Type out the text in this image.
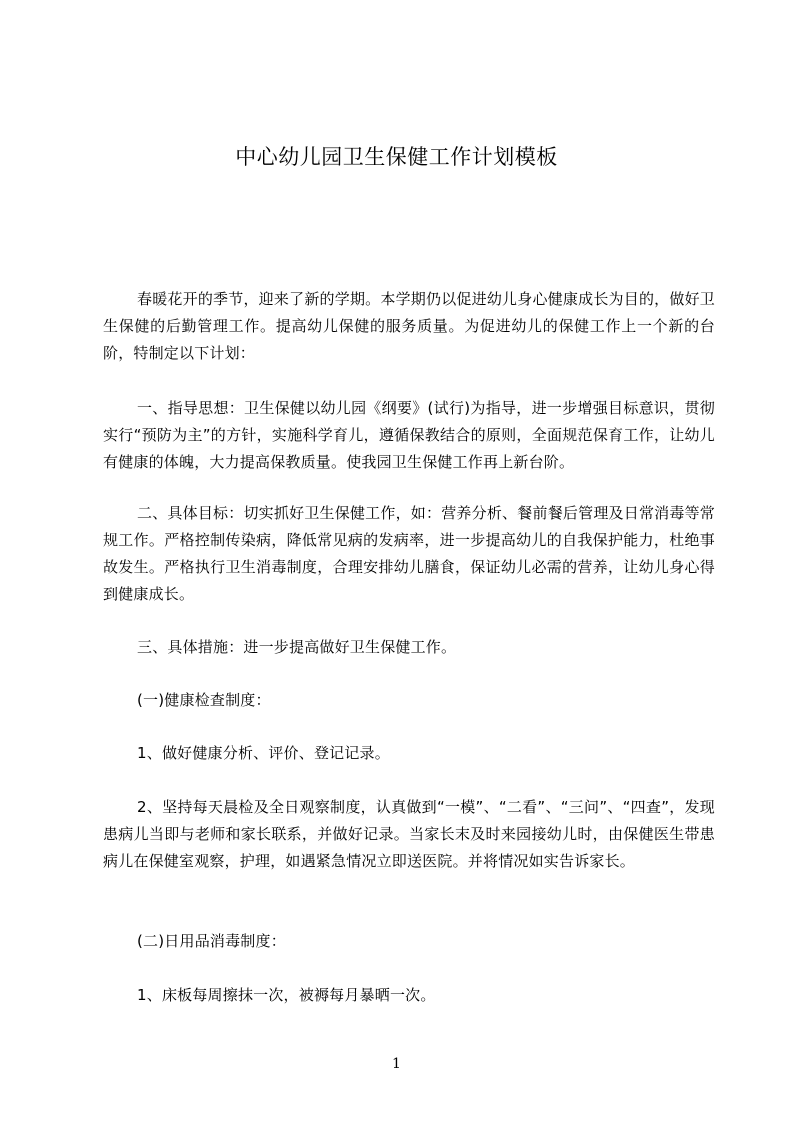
中心幼儿园卫生保健工作计划模板
春暖花开的季节，迎来了新的学期。本学期仍以促进幼儿身心健康成长为目的，做好卫生保健的后勤管理工作。提高幼儿保健的服务质量。为促进幼儿的保健工作上一个新的台阶，特制定以下计划：
一、指导思想：卫生保健以幼儿园《纲要》(试行)为指导，进一步增强目标意识，贯彻实行“预防为主”的方针，实施科学育儿，遵循保教结合的原则，全面规范保育工作，让幼儿有健康的体魄，大力提高保教质量。使我园卫生保健工作再上新台阶。
二、具体目标：切实抓好卫生保健工作，如：营养分析、餐前餐后管理及日常消毒等常规工作。严格控制传染病，降低常见病的发病率，进一步提高幼儿的自我保护能力，杜绝事故发生。严格执行卫生消毒制度，合理安排幼儿膳食，保证幼儿必需的营养，让幼儿身心得到健康成长。
三、具体措施：进一步提高做好卫生保健工作。
(一)健康检查制度：
1、做好健康分析、评价、登记记录。
2、坚持每天晨检及全日观察制度，认真做到“一模”、“二看”、“三问”、“四查”，发现患病儿当即与老师和家长联系，并做好记录。当家长末及时来园接幼儿时，由保健医生带患病儿在保健室观察，护理，如遇紧急情况立即送医院。并将情况如实告诉家长。
(二)日用品消毒制度：
1、床板每周擦抹一次，被褥每月暴晒一次。
1
